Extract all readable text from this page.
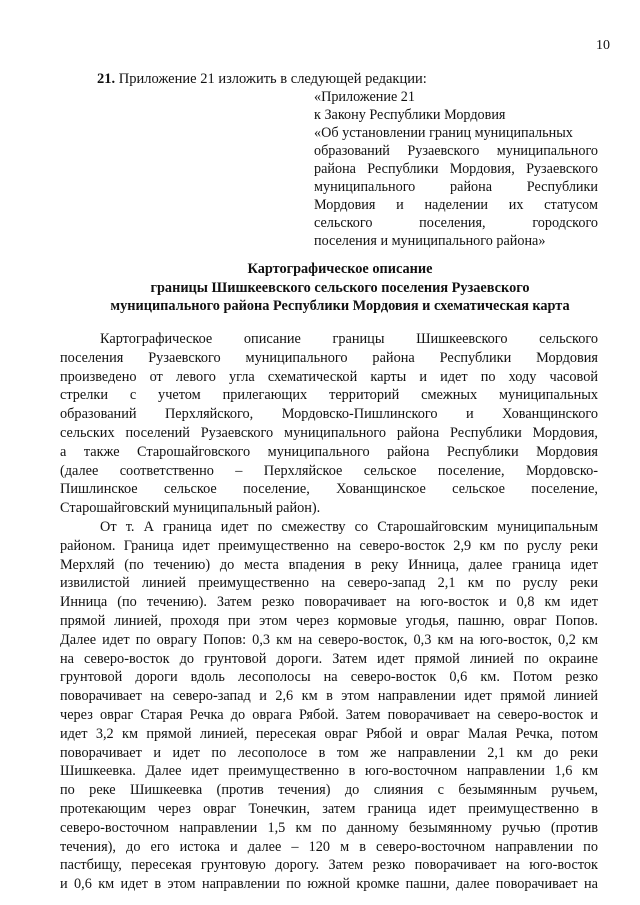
10
21. Приложение 21 изложить в следующей редакции:
«Приложение 21
к Закону Республики Мордовия
«Об установлении границ муниципальных
образований Рузаевского муниципального
района Республики Мордовия, Рузаевского
муниципального района Республики
Мордовия и наделении их статусом
сельского поселения, городского
поселения и муниципального района»
Картографическое описание
границы Шишкеевского сельского поселения Рузаевского
муниципального района Республики Мордовия и схематическая карта
Картографическое описание границы Шишкеевского сельского
поселения Рузаевского муниципального района Республики Мордовия
произведено от левого угла схематической карты и идет по ходу часовой
стрелки с учетом прилегающих территорий смежных муниципальных
образований Перхляйского, Мордовско-Пишлинского и Хованщинского
сельских поселений Рузаевского муниципального района Республики Мордовия,
а также Старошайговского муниципального района Республики Мордовия
(далее соответственно – Перхляйское сельское поселение, Мордовско-
Пишлинское сельское поселение, Хованщинское сельское поселение,
Старошайговский муниципальный район).
От т. А граница идет по смежеству со Старошайговским муниципальным
районом. Граница идет преимущественно на северо-восток 2,9 км по руслу реки
Мерхляй (по течению) до места впадения в реку Инница, далее граница идет
извилистой линией преимущественно на северо-запад 2,1 км по руслу реки
Инница (по течению). Затем резко поворачивает на юго-восток и 0,8 км идет
прямой линией, проходя при этом через кормовые угодья, пашню, овраг Попов.
Далее идет по оврагу Попов: 0,3 км на северо-восток, 0,3 км на юго-восток, 0,2 км
на северо-восток до грунтовой дороги. Затем идет прямой линией по окраине
грунтовой дороги вдоль лесополосы на северо-восток 0,6 км. Потом резко
поворачивает на северо-запад и 2,6 км в этом направлении идет прямой линией
через овраг Старая Речка до оврага Рябой. Затем поворачивает на северо-восток и
идет 3,2 км прямой линией, пересекая овраг Рябой и овраг Малая Речка, потом
поворачивает и идет по лесополосе в том же направлении 2,1 км до реки
Шишкеевка. Далее идет преимущественно в юго-восточном направлении 1,6 км
по реке Шишкеевка (против течения) до слияния с безымянным ручьем,
протекающим через овраг Тонечкин, затем граница идет преимущественно в
северо-восточном направлении 1,5 км по данному безымянному ручью (против
течения), до его истока и далее – 120 м в северо-восточном направлении по
пастбищу, пересекая грунтовую дорогу. Затем резко поворачивает на юго-восток
и 0,6 км идет в этом направлении по южной кромке пашни, далее поворачивает на
